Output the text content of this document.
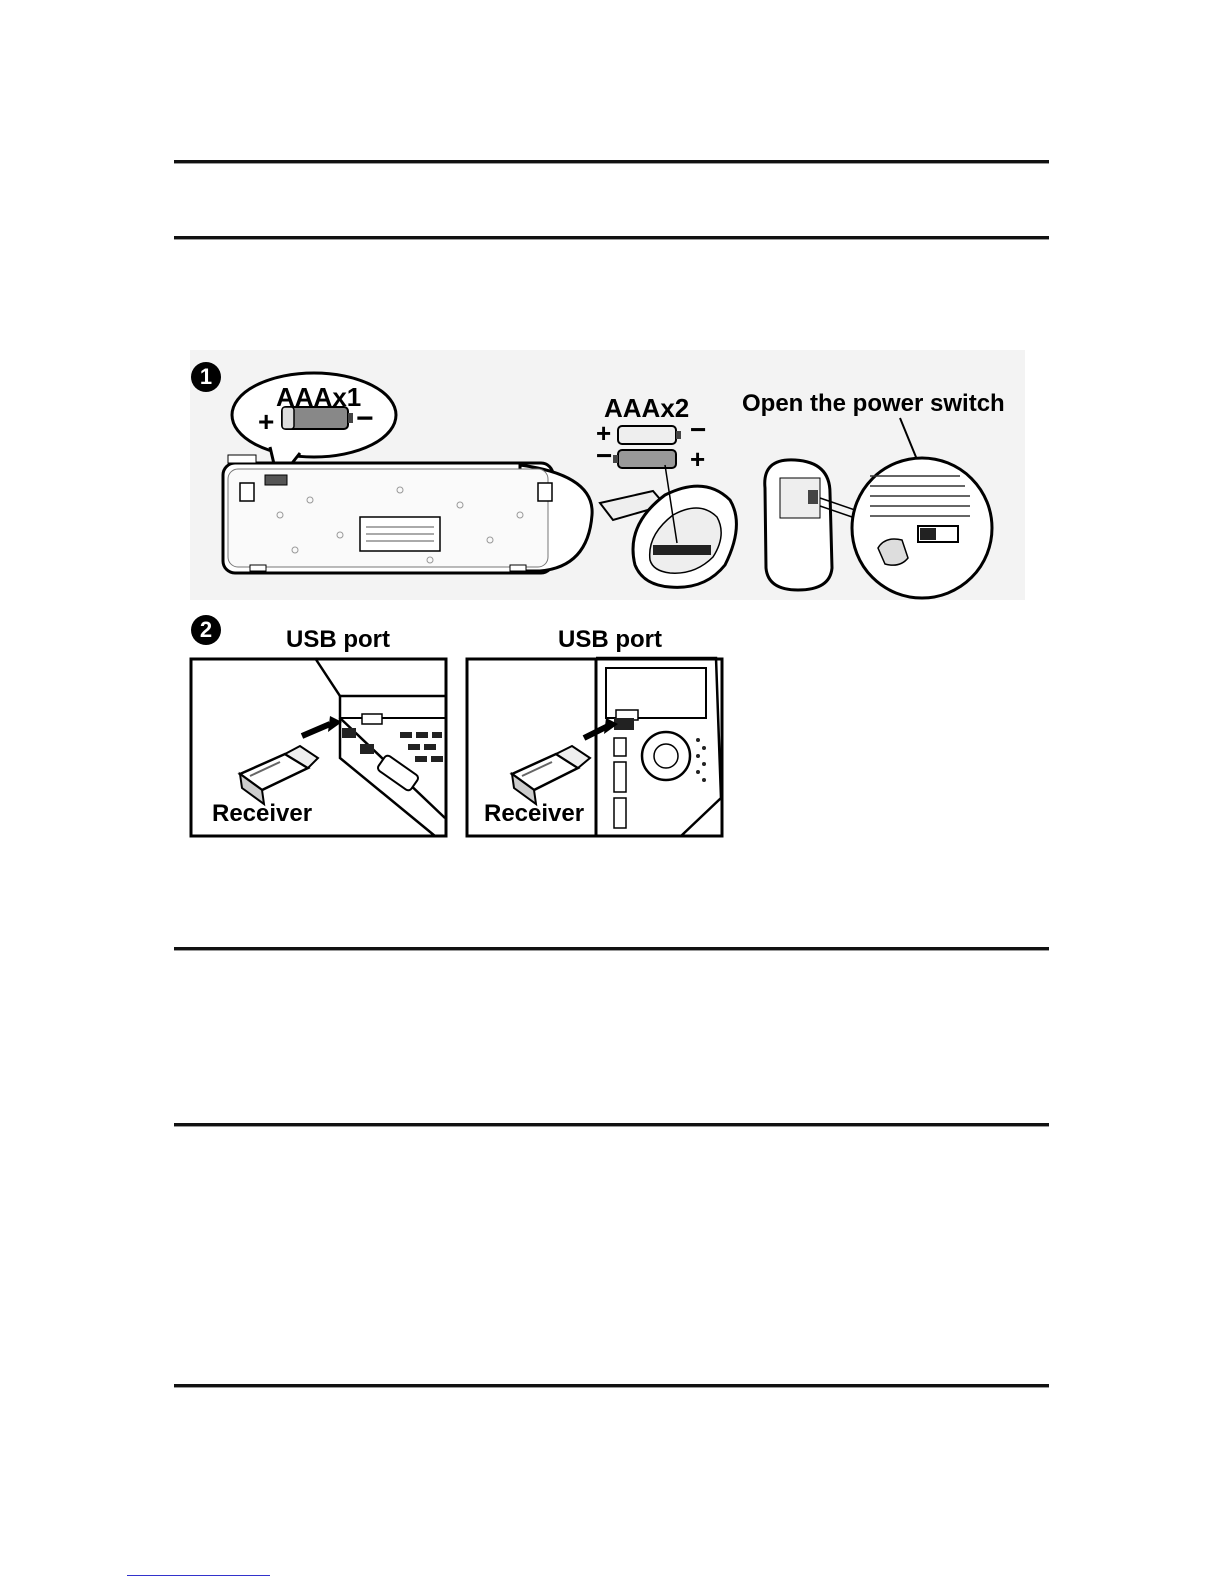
1
AAAx1
+	−	AAAx2
+	−
−	+
Open the power switch
2	USB port
Receiver
USB port
Receiver
